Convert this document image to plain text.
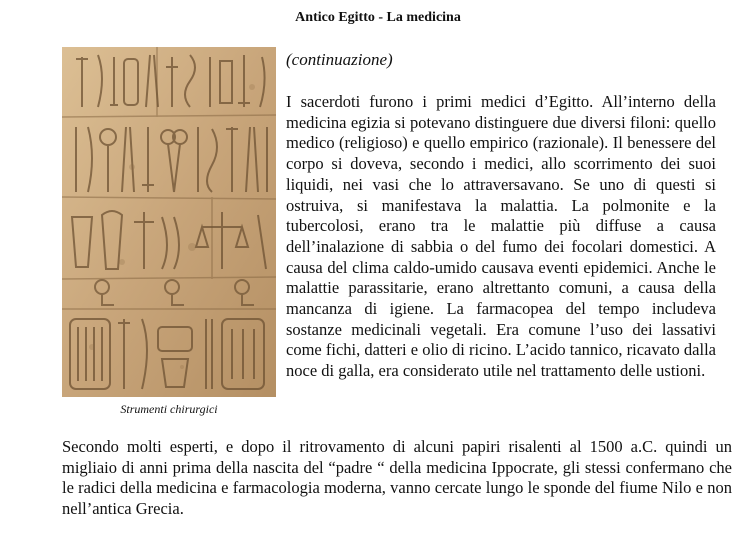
Antico Egitto - La medicina
Strumenti chirurgici
(continuazione)
I sacerdoti furono i primi medici d’Egitto. All’interno della medicina egizia si potevano distinguere due diversi filoni: quello medico (religioso) e quello empirico (razionale). Il benessere del corpo si doveva, secondo i medici, allo scorrimento dei suoi liquidi, nei vasi che lo attraversavano. Se uno di questi si ostruiva, si manifestava la malattia. La polmonite e la tubercolosi, erano tra le malattie più diffuse a causa dell’inalazione di sabbia o del fumo dei focolari domestici. A causa del clima caldo-umido causava eventi epidemici. Anche le malattie parassitarie, erano altrettanto comuni, a causa della mancanza di igiene. La farmacopea del tempo includeva sostanze medicinali vegetali. Era comune l’uso dei lassativi come fichi, datteri e olio di ricino. L’acido tannico, ricavato dalla noce di galla, era considerato utile nel trattamento delle ustioni.
Secondo molti esperti, e dopo il ritrovamento di alcuni papiri risalenti al 1500 a.C. quindi un migliaio di anni prima della nascita del “padre “ della medicina Ippocrate, gli stessi confermano che le radici della medicina e farmacologia moderna, vanno cercate lungo le sponde del fiume Nilo e non nell’antica Grecia.
